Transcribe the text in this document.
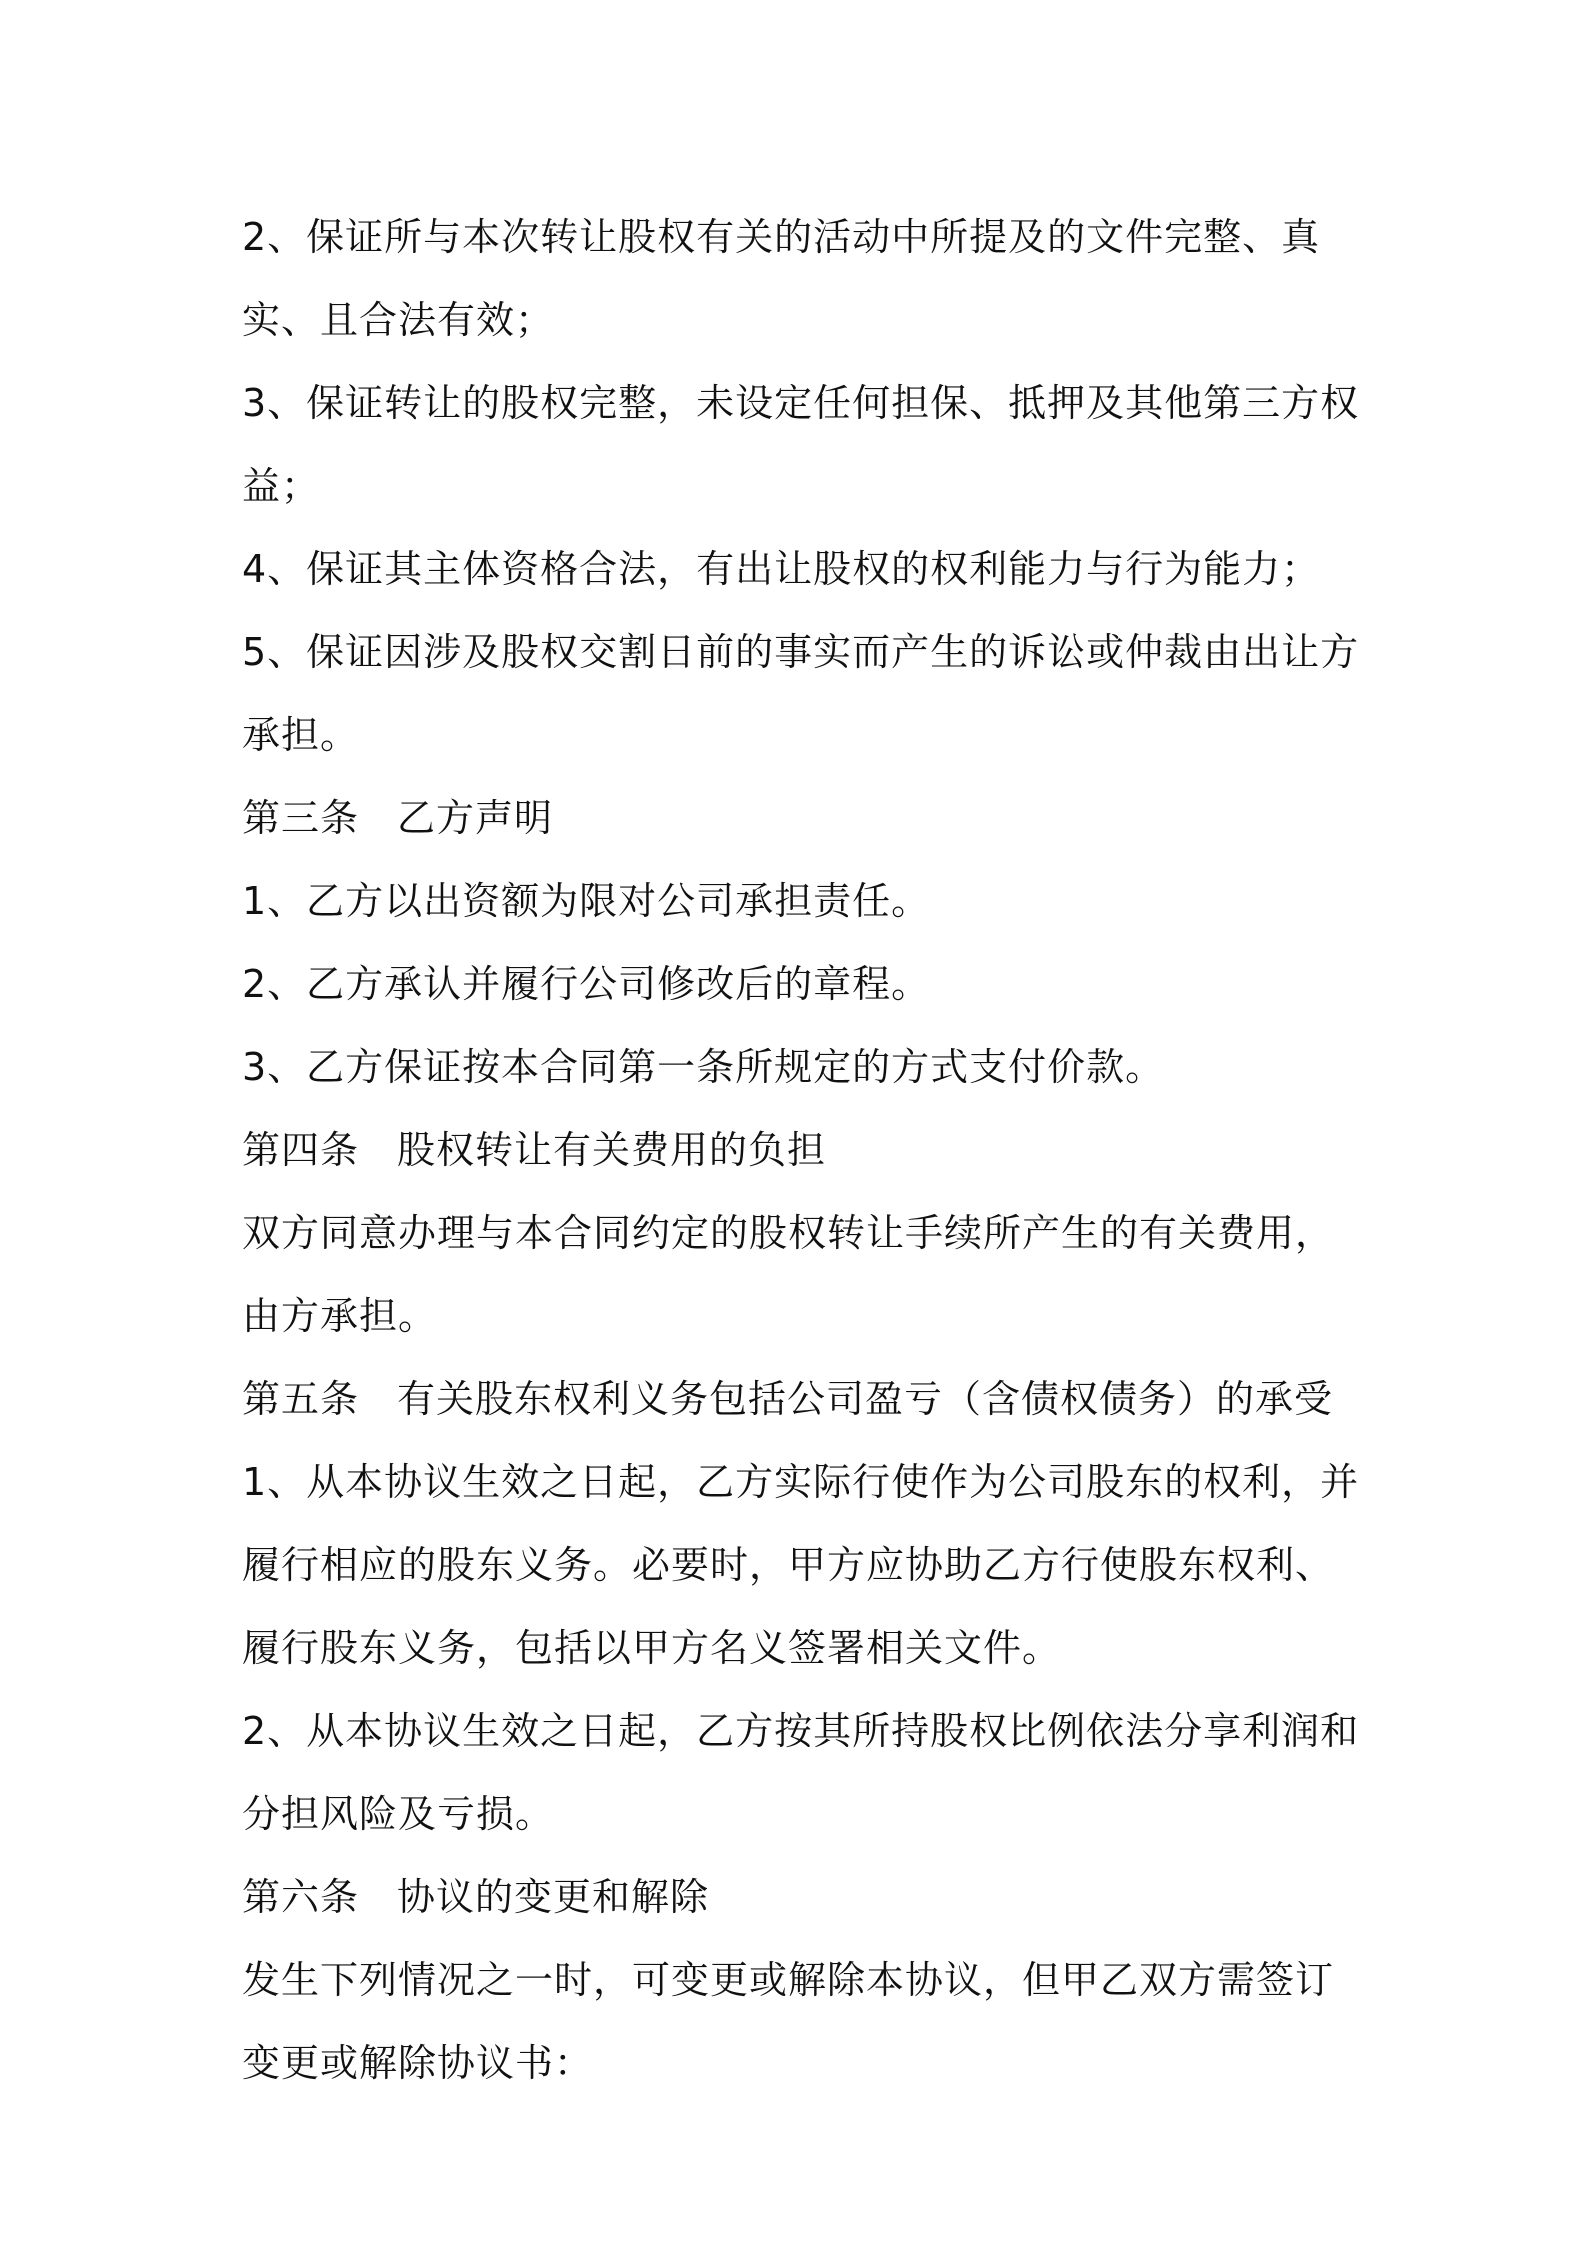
2、保证所与本次转让股权有关的活动中所提及的文件完整、真实、且合法有效；

3、保证转让的股权完整，未设定任何担保、抵押及其他第三方权益；

4、保证其主体资格合法，有出让股权的权利能力与行为能力；

5、保证因涉及股权交割日前的事实而产生的诉讼或仲裁由出让方承担。

第三条 乙方声明

1、乙方以出资额为限对公司承担责任。

2、乙方承认并履行公司修改后的章程。

3、乙方保证按本合同第一条所规定的方式支付价款。

第四条 股权转让有关费用的负担

双方同意办理与本合同约定的股权转让手续所产生的有关费用，由方承担。

第五条 有关股东权利义务包括公司盈亏（含债权债务）的承受

1、从本协议生效之日起，乙方实际行使作为公司股东的权利，并履行相应的股东义务。必要时，甲方应协助乙方行使股东权利、履行股东义务，包括以甲方名义签署相关文件。

2、从本协议生效之日起，乙方按其所持股权比例依法分享利润和分担风险及亏损。

第六条 协议的变更和解除

发生下列情况之一时，可变更或解除本协议，但甲乙双方需签订变更或解除协议书：
